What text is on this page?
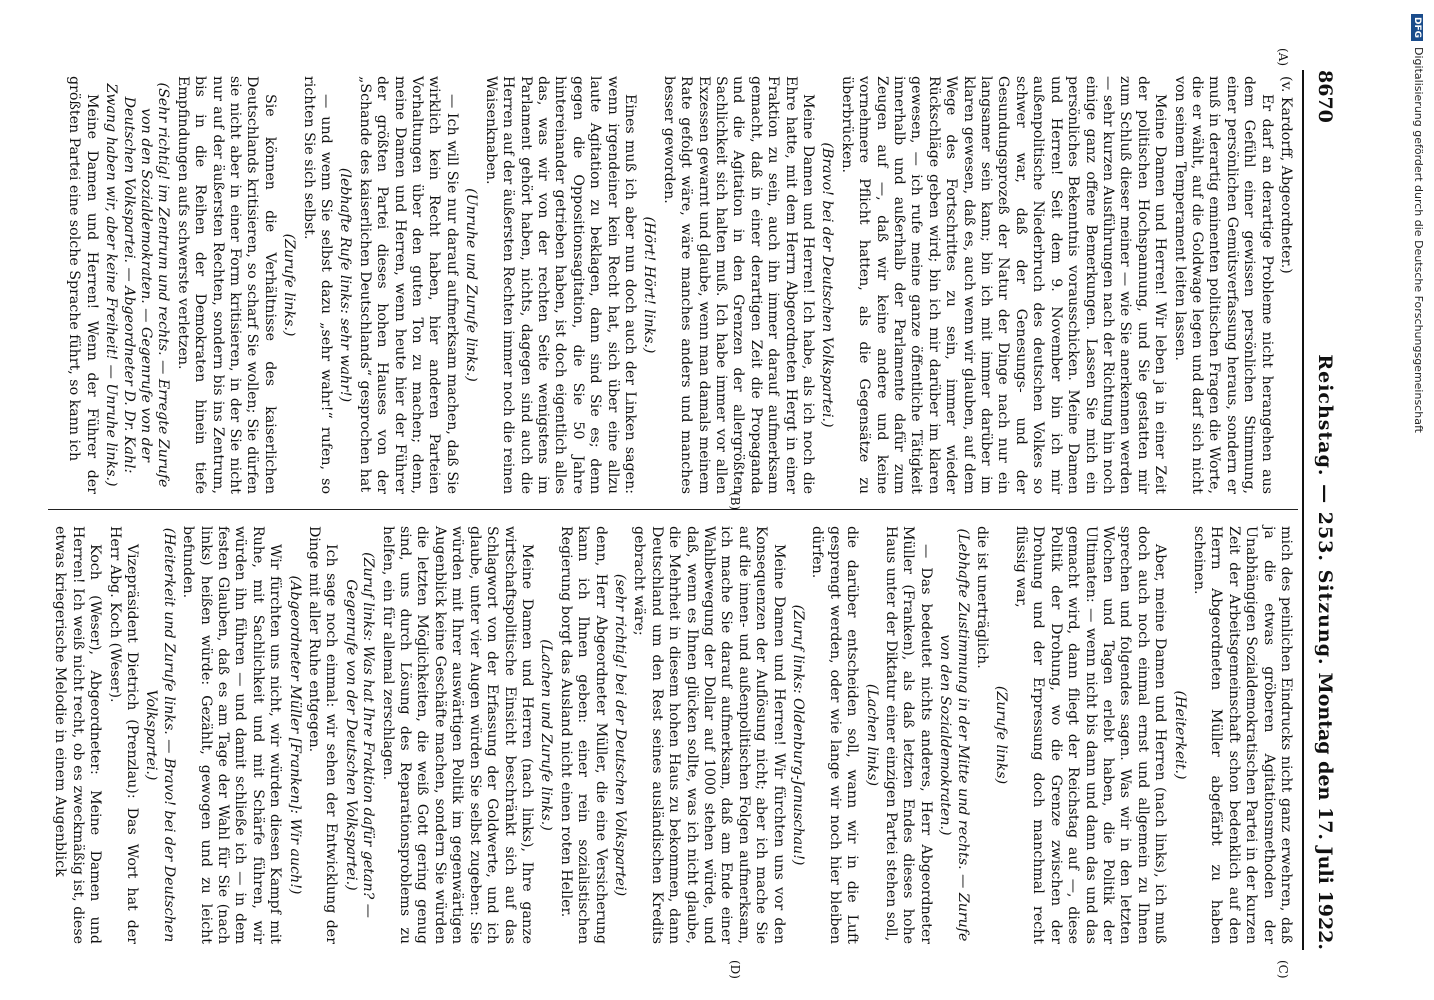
8670
Reichstag. — 253. Sitzung.
Montag den 17. Juli 1922.
(A)
(B)
(C)
(D)

(v. Kardorff, Abgeordneter.)

Er darf an derartige Probleme nicht herangehen aus dem Gefühl einer gewissen persönlichen Stimmung, einer persönlichen Gemütsverfassung heraus, sondern er muß in derartig eminenten politischen Fragen die Worte, die er wählt, auf die Goldwage legen und darf sich nicht von seinem Temperament leiten lassen.

Meine Damen und Herren! Wir leben ja in einer Zeit der politischen Hochspannung, und Sie gestatten mir zum Schluß dieser meiner — wie Sie anerkennen werden — sehr kurzen Ausführungen nach der Richtung hin noch einige ganz offene Bemerkungen. Lassen Sie mich ein persönliches Bekenntnis vorausschicken. Meine Damen und Herren! Seit dem 9. November bin ich mir außenpolitische Niederbruch des deutschen Volkes so schwer war, daß der Genesungs- und der Gesundungsprozeß der Natur der Dinge nach nur ein langsamer sein kann; bin ich mit immer darüber im klaren gewesen, daß es, auch wenn wir glauben, auf dem Wege des Fortschrittes zu sein, immer wieder Rückschläge geben wird; bin ich mir darüber im klaren gewesen, — ich rufe meine ganze öffentliche Tätigkeit innerhalb und außerhalb der Parlamente dafür zum Zeugen auf —, daß wir keine andere und keine vornehmere Pflicht hatten, als die Gegensätze zu überbrücken.

(Bravo! bei der Deutschen Volkspartei.)

Meine Damen und Herren! Ich habe, als ich noch die Ehre hatte, mit dem Herrn Abgeordneten Hergt in einer Fraktion zu sein, auch ihn immer darauf aufmerksam gemacht, daß in einer derartigen Zeit die Propaganda und die Agitation in den Grenzen der allergrößten Sachlichkeit sich halten muß. Ich habe immer vor allen Exzessen gewarnt und glaube, wenn man damals meinem Rate gefolgt wäre, wäre manches anders und manches besser geworden.

(Hört! Hört! links.)

Eines muß ich aber nun doch auch der Linken sagen: wenn irgendeiner kein Recht hat, sich über eine allzu laute Agitation zu beklagen, dann sind Sie es; denn gegen die Oppositionsagitation, die Sie 50 Jahre hintereinander getrieben haben, ist doch eigentlich alles das, was wir von der rechten Seite wenigstens im Parlament gehört haben, nichts, dagegen sind auch die Herren auf der äußersten Rechten immer noch die reinen Waisenknaben.

(Unruhe und Zurufe links.)

— Ich will Sie nur darauf aufmerksam machen, daß Sie wirklich kein Recht haben, hier anderen Parteien Vorhaltungen über den guten Ton zu machen; denn, meine Damen und Herren, wenn heute hier der Führer der größten Partei dieses hohen Hauses von der „Schande des kaiserlichen Deutschlands“ gesprochen hat

(lebhafte Rufe links: sehr wahr!)

— und wenn Sie selbst dazu „sehr wahr!“ rufen, so richten Sie sich selbst.

(Zurufe links.)

Sie können die Verhältnisse des kaiserlichen Deutschlands kritisieren, so scharf Sie wollen; Sie dürfen sie nicht aber in einer Form kritisieren, in der Sie nicht nur auf der äußersten Rechten, sondern bis ins Zentrum, bis in die Reihen der Demokraten hinein tiefe Empfindungen aufs schwerste verletzen.

(Sehr richtig! im Zentrum und rechts. — Erregte Zurufe von den Sozialdemokraten. — Gegenrufe von der Deutschen Volkspartei. — Abgeordneter D. Dr. Kahl: Zwang haben wir, aber keine Freiheit! — Unruhe links.)

Meine Damen und Herren! Wenn der Führer der größten Partei eine solche Sprache führt, so kann ich

mich des peinlichen Eindrucks nicht ganz erwehren, daß ja die etwas gröberen Agitationsmethoden der Unabhängigen Sozialdemokratischen Partei in der kurzen Zeit der Arbeitsgemeinschaft schon bedenklich auf den Herrn Abgeordneten Müller abgefärbt zu haben scheinen.

(Heiterkeit.)

Aber, meine Damen und Herren (nach links), ich muß doch auch noch einmal ernst und allgemein zu Ihnen sprechen und folgendes sagen. Was wir in den letzten Wochen und Tagen erlebt haben, die Politik der Ultimaten: — wenn nicht bis dann und dann das und das gemacht wird, dann fliegt der Reichstag auf —, diese Politik der Drohung, wo die Grenze zwischen der Drohung und der Erpressung doch manchmal recht flüssig war,

(Zurufe links)

die ist unerträglich.

(Lebhafte Zustimmung in der Mitte und rechts. — Zurufe von den Sozialdemokraten.)

— Das bedeutet nichts anderes, Herr Abgeordneter Müller (Franken), als daß letzten Endes dieses hohe Haus unter der Diktatur einer einzigen Partei stehen soll,

(Lachen links)

die darüber entscheiden soll, wann wir in die Luft gesprengt werden, oder wie lange wir noch hier bleiben dürfen.

(Zuruf links: Oldenburg-Januschau!)

Meine Damen und Herren! Wir fürchten uns vor den Konsequenzen der Auflösung nicht; aber ich mache Sie auf die innen- und außenpolitischen Folgen aufmerksam, ich mache Sie darauf aufmerksam, daß am Ende einer Wahlbewegung der Dollar auf 1000 stehen würde, und daß, wenn es Ihnen glücken sollte, was ich nicht glaube, die Mehrheit in diesem hohen Haus zu bekommen, dann Deutschland um den Rest seines ausländischen Kredits gebracht wäre;

(sehr richtig! bei der Deutschen Volkspartei)

denn, Herr Abgeordneter Müller, die eine Versicherung kann ich Ihnen geben: einer rein sozialistischen Regierung borgt das Ausland nicht einen roten Heller.

(Lachen und Zurufe links.)

Meine Damen und Herren (nach links), Ihre ganze wirtschaftspolitische Einsicht beschränkt sich auf das Schlagwort von der Erfassung der Goldwerte, und ich glaube, unter vier Augen würden Sie selbst zugeben: Sie würden mit Ihrer auswärtigen Politik im gegenwärtigen Augenblick keine Geschäfte machen, sondern Sie würden die letzten Möglichkeiten, die weiß Gott gering genug sind, uns durch Lösung des Reparationsproblems zu helfen, ein für allemal zerschlagen.

(Zuruf links: Was hat Ihre Fraktion dafür getan? — Gegenrufe von der Deutschen Volkspartei.)

Ich sage noch einmal: wir sehen der Entwicklung der Dinge mit aller Ruhe entgegen.

(Abgeordneter Müller [Franken]: Wir auch!)

Wir fürchten uns nicht, wir würden diesen Kampf mit Ruhe, mit Sachlichkeit und mit Schärfe führen, wir würden ihn führen — und damit schließe ich — in dem festen Glauben, daß es am Tage der Wahl für Sie (nach links) heißen würde: Gezählt, gewogen und zu leicht befunden.

(Heiterkeit und Zurufe links. — Bravo! bei der Deutschen Volkspartei.)

Vizepräsident Dietrich (Prenzlau): Das Wort hat der Herr Abg. Koch (Weser).

Koch (Weser), Abgeordneter: Meine Damen und Herren! Ich weiß nicht recht, ob es zweckmäßig ist, diese etwas kriegerische Melodie in einem Augenblick

DFGDigitalisierung gefördert durch die Deutsche Forschungsgemeinschaft
